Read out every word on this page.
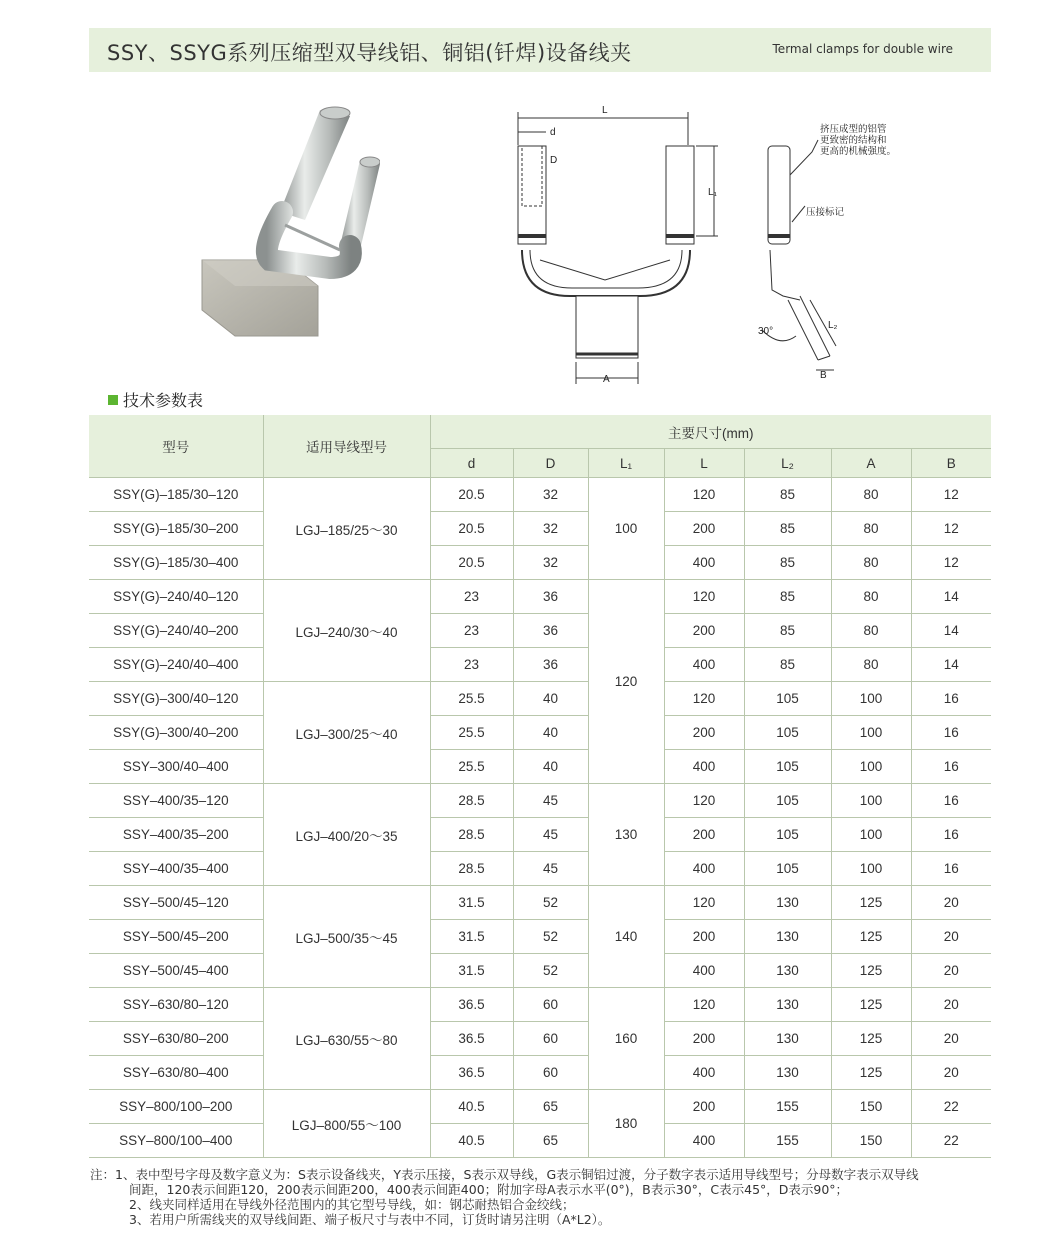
SSY、SSYG系列压缩型双导线铝、铜铝(钎焊)设备线夹	Termal clamps for double wire
L
d
D
L₁
A
L₂
B
30°
挤压成型的铝管
更致密的结构和
更高的机械强度。
压接标记
技术参数表
型号	适用导线型号	主要尺寸(mm)						
		d	D	L₁	L	L₂	A	B
SSY(G)–185/30–120	LGJ–185/25～30	20.5	32	100	120	85	80	12
SSY(G)–185/30–200		20.5	32		200	85	80	12
SSY(G)–185/30–400		20.5	32		400	85	80	12
SSY(G)–240/40–120	LGJ–240/30～40	23	36	120	120	85	80	14
SSY(G)–240/40–200		23	36		200	85	80	14
SSY(G)–240/40–400		23	36		400	85	80	14
SSY(G)–300/40–120	LGJ–300/25～40	25.5	40		120	105	100	16
SSY(G)–300/40–200		25.5	40		200	105	100	16
SSY–300/40–400		25.5	40		400	105	100	16
SSY–400/35–120	LGJ–400/20～35	28.5	45	130	120	105	100	16
SSY–400/35–200		28.5	45		200	105	100	16
SSY–400/35–400		28.5	45		400	105	100	16
SSY–500/45–120	LGJ–500/35～45	31.5	52	140	120	130	125	20
SSY–500/45–200		31.5	52		200	130	125	20
SSY–500/45–400		31.5	52		400	130	125	20
SSY–630/80–120	LGJ–630/55～80	36.5	60	160	120	130	125	20
SSY–630/80–200		36.5	60		200	130	125	20
SSY–630/80–400		36.5	60		400	130	125	20
SSY–800/100–200	LGJ–800/55～100	40.5	65	180	200	155	150	22
SSY–800/100–400		40.5	65		400	155	150	22
注：1、表中型号字母及数字意义为：S表示设备线夹，Y表示压接，S表示双导线，G表示铜铝过渡，分子数字表示适用导线型号；分母数字表示双导线
间距，120表示间距120，200表示间距200，400表示间距400；附加字母A表示水平(0°)，B表示30°，C表示45°，D表示90°；
2、线夹同样适用在导线外径范围内的其它型号导线，如：钢芯耐热铝合金绞线；
3、若用户所需线夹的双导线间距、端子板尺寸与表中不同，订货时请另注明（A*L2）。
